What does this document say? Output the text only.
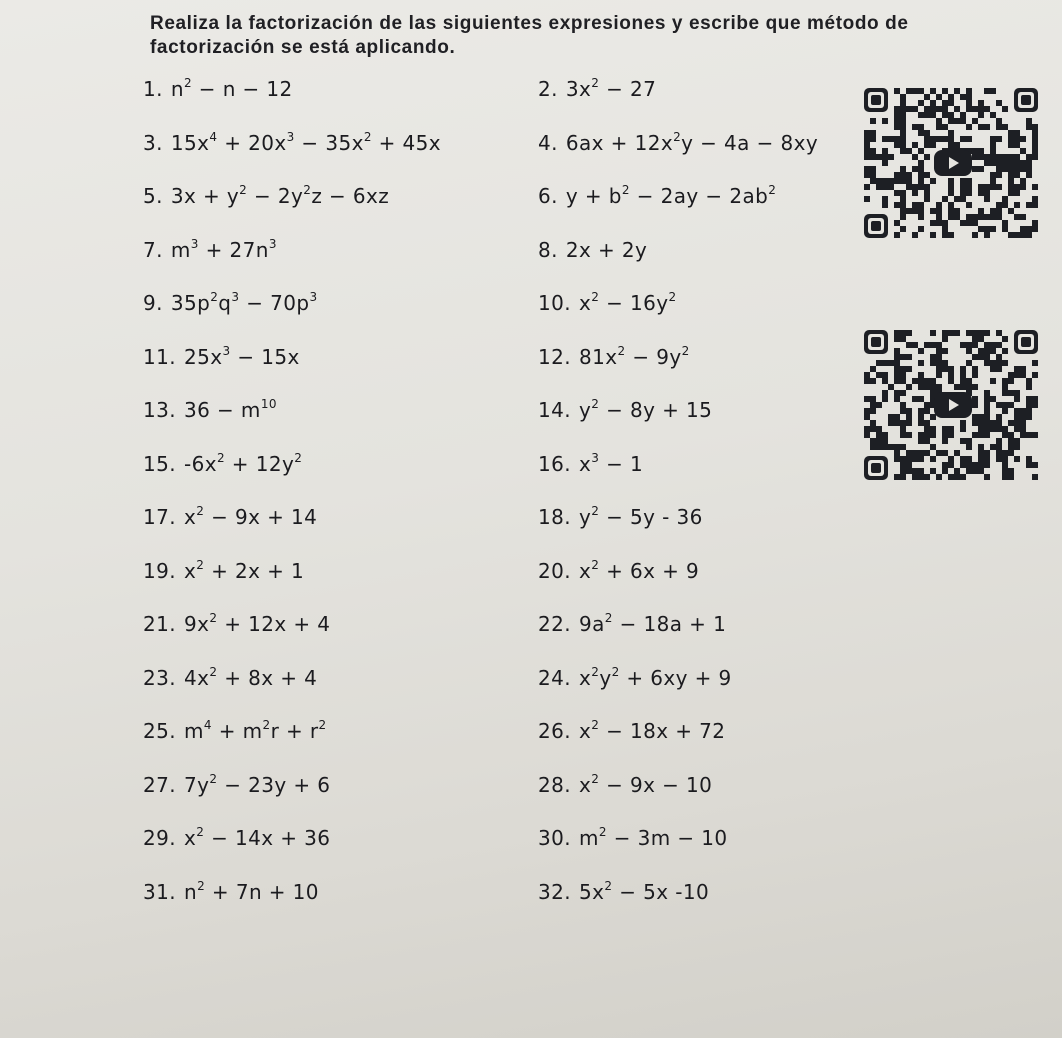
Realiza la factorización de las siguientes expresiones y escribe que método de factorización se está aplicando.

1. $n^2 - n - 12$	2. $3x^2 - 27$
3. $15x^4 + 20x^3 - 35x^2 + 45x$	4. $6ax + 12x^2y - 4a - 8xy$
5. $3x + y^2 - 2y^2z - 6xz$	6. $y + b^2 - 2ay - 2ab^2$
7. $m^3 + 27n^3$	8. 2x + 2y
9. $35p^2q^3 - 70p^3$	10. $x^2 - 16y^2$
11. $25x^3 - 15x$	12. $81x^2 - 9y^2$
13. $36 - m^{10}$	14. $y^2 - 8y + 15$
15. $-6x^2 + 12y^2$	16. $x^3 - 1$
17. $x^2 - 9x + 14$	18. $y^2 - 5y - 36$
19. $x^2 + 2x + 1$	20. $x^2 + 6x + 9$
21. $9x^2 + 12x + 4$	22. $9a^2 - 18a + 1$
23. $4x^2 + 8x + 4$	24. $x^2y^2 + 6xy + 9$
25. $m^4 + m^2r + r^2$	26. $x^2 - 18x + 72$
27. $7y^2 - 23y + 6$	28. $x^2 - 9x - 10$
29. $x^2 - 14x + 36$	30. $m^2 - 3m - 10$
31. $n^2 + 7n + 10$	32. $5x^2 - 5x$ -10
